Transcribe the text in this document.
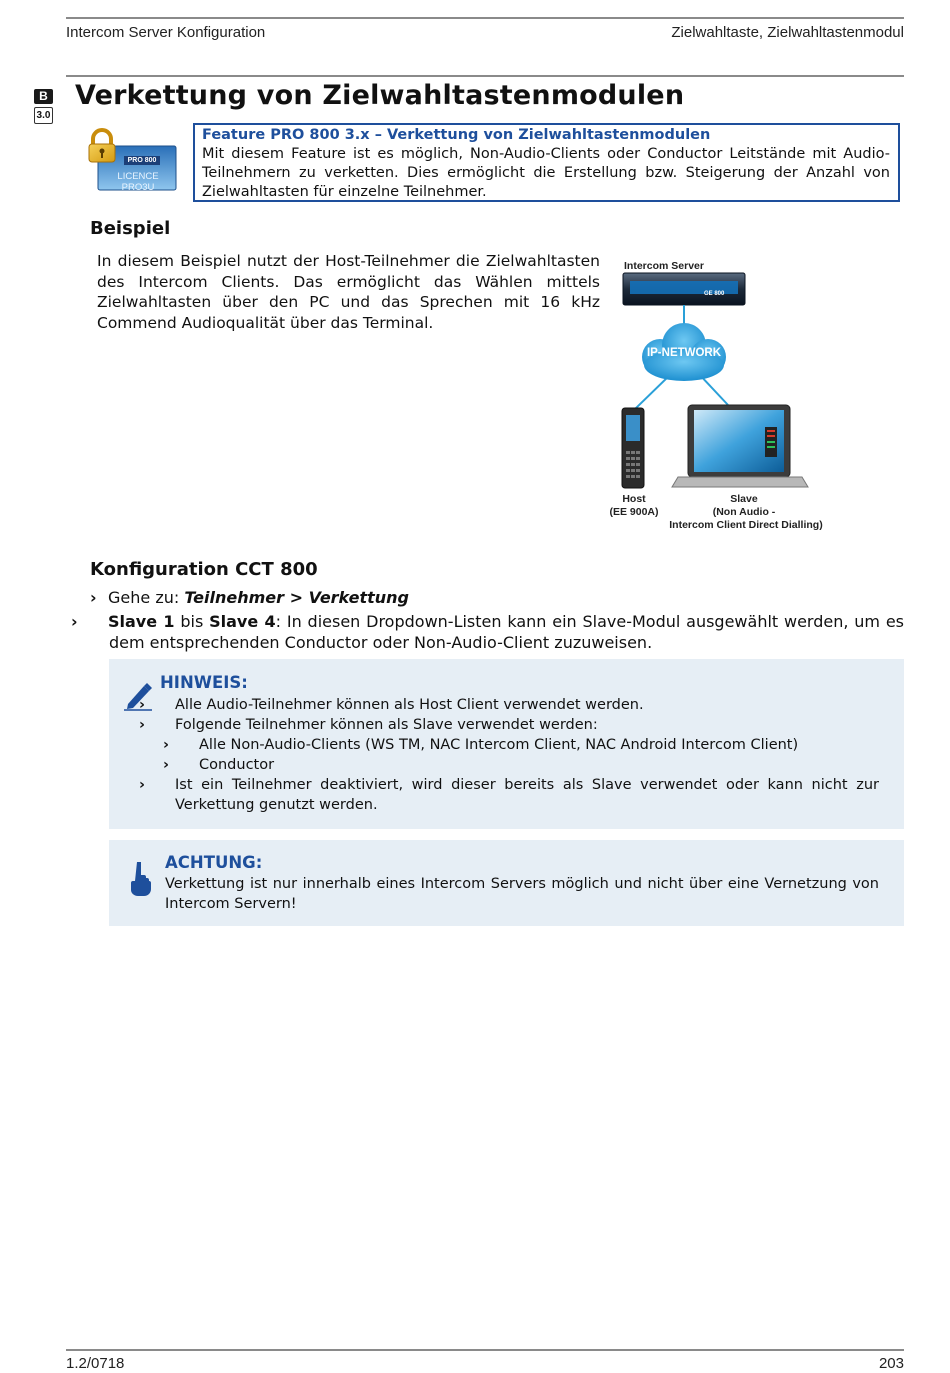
Intercom Server Konfiguration	Zielwahltaste, Zielwahltastenmodul
B
3.0
Verkettung von Zielwahltastenmodulen
PRO 800
LICENCE PRO3U
Feature PRO 800 3.x – Verkettung von Zielwahltastenmodulen
Mit diesem Feature ist es möglich, Non-Audio-Clients oder Conductor Leitstände mit Audio-Teilnehmern zu verketten. Dies ermöglicht die Erstellung bzw. Steigerung der Anzahl von Zielwahltasten für einzelne Teilnehmer.
Beispiel
In diesem Beispiel nutzt der Host-Teilnehmer die Zielwahltasten des Intercom Clients. Das ermöglicht das Wählen mittels Zielwahltasten über den PC und das Sprechen mit 16 kHz Commend Audioqualität über das Terminal.
Intercom Server
GE 800
IP-NETWORK
Host
(EE 900A)
Slave
(Non Audio -
Intercom Client Direct Dialling)
Konfiguration CCT 800
› Gehe zu: Teilnehmer > Verkettung
› Slave 1 bis Slave 4: In diesen Dropdown-Listen kann ein Slave-Modul ausgewählt werden, um es dem entsprechenden Conductor oder Non-Audio-Client zuzuweisen.
HINWEIS:
› Alle Audio-Teilnehmer können als Host Client verwendet werden.
› Folgende Teilnehmer können als Slave verwendet werden:
› Alle Non-Audio-Clients (WS TM, NAC Intercom Client, NAC Android Intercom Client)
› Conductor
› Ist ein Teilnehmer deaktiviert, wird dieser bereits als Slave verwendet oder kann nicht zur Verkettung genutzt werden.
ACHTUNG:
Verkettung ist nur innerhalb eines Intercom Servers möglich und nicht über eine Vernetzung von Intercom Servern!
1.2/0718	203
